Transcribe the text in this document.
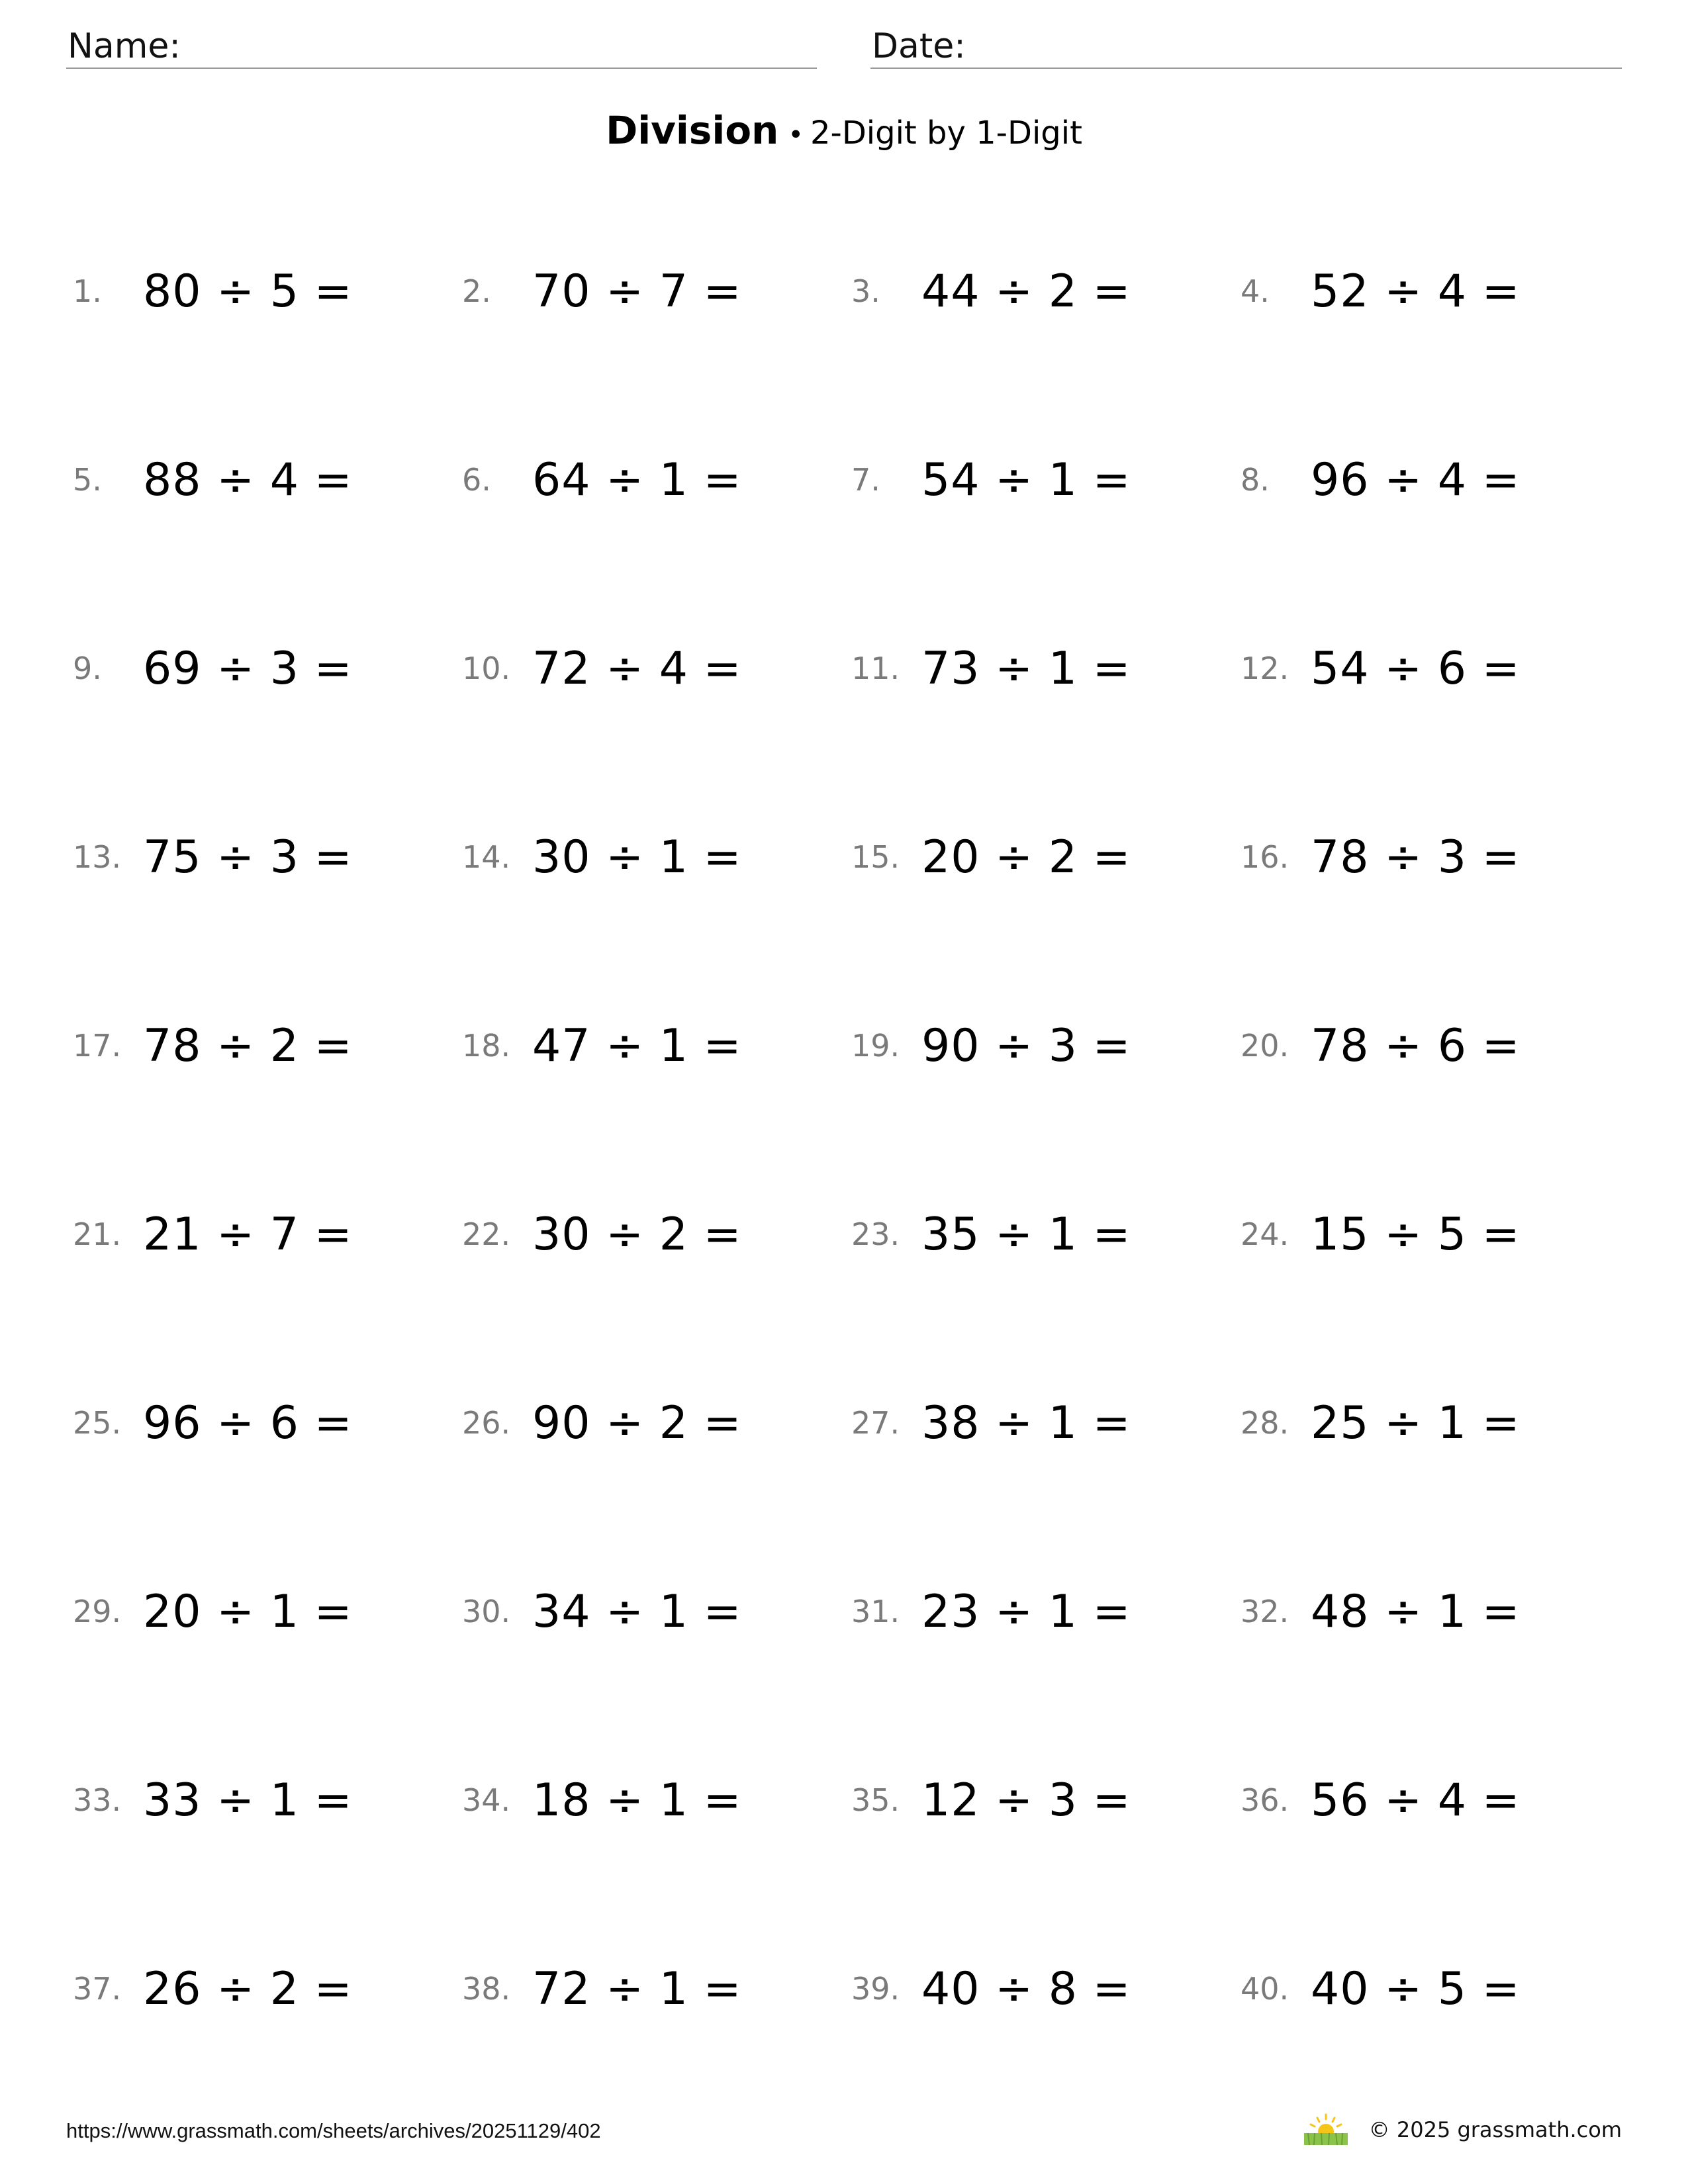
Name:	Date:
Division • 2-Digit by 1-Digit
1. 80 ÷ 5 =	2. 70 ÷ 7 =	3. 44 ÷ 2 =	4. 52 ÷ 4 =
5. 88 ÷ 4 =	6. 64 ÷ 1 =	7. 54 ÷ 1 =	8. 96 ÷ 4 =
9. 69 ÷ 3 =	10. 72 ÷ 4 =	11. 73 ÷ 1 =	12. 54 ÷ 6 =
13. 75 ÷ 3 =	14. 30 ÷ 1 =	15. 20 ÷ 2 =	16. 78 ÷ 3 =
17. 78 ÷ 2 =	18. 47 ÷ 1 =	19. 90 ÷ 3 =	20. 78 ÷ 6 =
21. 21 ÷ 7 =	22. 30 ÷ 2 =	23. 35 ÷ 1 =	24. 15 ÷ 5 =
25. 96 ÷ 6 =	26. 90 ÷ 2 =	27. 38 ÷ 1 =	28. 25 ÷ 1 =
29. 20 ÷ 1 =	30. 34 ÷ 1 =	31. 23 ÷ 1 =	32. 48 ÷ 1 =
33. 33 ÷ 1 =	34. 18 ÷ 1 =	35. 12 ÷ 3 =	36. 56 ÷ 4 =
37. 26 ÷ 2 =	38. 72 ÷ 1 =	39. 40 ÷ 8 =	40. 40 ÷ 5 =
https://www.grassmath.com/sheets/archives/20251129/402	© 2025 grassmath.com
